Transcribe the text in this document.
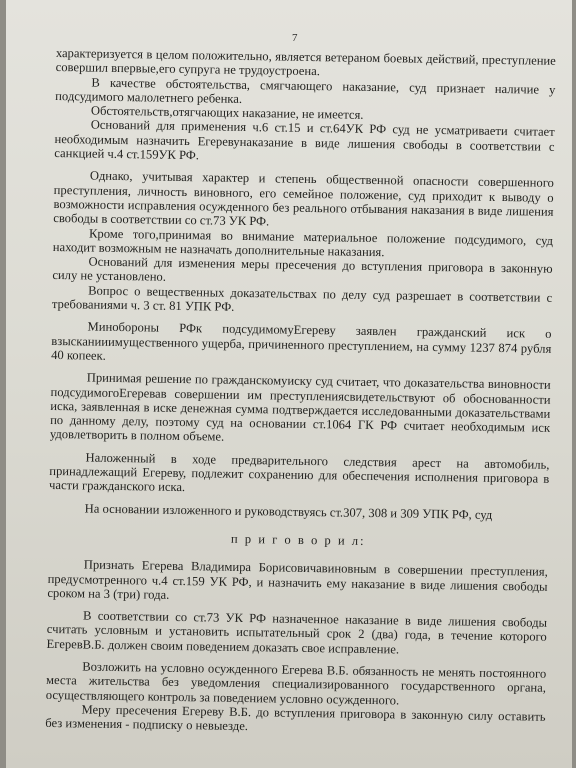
7

характеризуется в целом положительно, является ветераном боевых действий, преступление совершил впервые,его супруга не трудоустроена.

В качестве обстоятельства, смягчающего наказание, суд признает наличие у подсудимого малолетнего ребенка.

Обстоятельств,отягчающих наказание, не имеется.

Оснований для применения ч.6 ст.15 и ст.64УК РФ суд не усматриваети считает необходимым назначить Егеревунаказание в виде лишения свободы в соответствии с санкцией ч.4 ст.159УК РФ.

Однако, учитывая характер и степень общественной опасности совершенного преступления, личность виновного, его семейное положение, суд приходит к выводу о возможности исправления осужденного без реального отбывания наказания в виде лишения свободы в соответствии со ст.73 УК РФ.

Кроме того,принимая во внимание материальное положение подсудимого, суд находит возможным не назначать дополнительные наказания.

Оснований для изменения меры пресечения до вступления приговора в законную силу не установлено.

Вопрос о вещественных доказательствах по делу суд разрешает в соответствии с требованиями ч. 3 ст. 81 УПК РФ.

Минобороны РФк подсудимомуЕгереву заявлен гражданский иск о взысканииимущественного ущерба, причиненного преступлением, на сумму 1237 874 рубля 40 копеек.

Принимая решение по гражданскомуиску суд считает, что доказательства виновности подсудимогоЕгеревав совершении им преступлениясвидетельствуют об обоснованности иска, заявленная в иске денежная сумма подтверждается исследованными доказательствами по данному делу, поэтому суд на основании ст.1064 ГК РФ считает необходимым иск удовлетворить в полном объеме.

Наложенный в ходе предварительного следствия арест на автомобиль, принадлежащий Егереву, подлежит сохранению для обеспечения исполнения приговора в части гражданского иска.

На основании изложенного и руководствуясь ст.307, 308 и 309 УПК РФ, суд

п р и г о в о р и л:

Признать Егерева Владимира Борисовичавиновным в совершении преступления, предусмотренного ч.4 ст.159 УК РФ, и назначить ему наказание в виде лишения свободы сроком на 3 (три) года.

В соответствии со ст.73 УК РФ назначенное наказание в виде лишения свободы считать условным и установить испытательный срок 2 (два) года, в течение которого ЕгеревВ.Б. должен своим поведением доказать свое исправление.

Возложить на условно осужденного Егерева В.Б. обязанность не менять постоянного места жительства без уведомления специализированного государственного органа, осуществляющего контроль за поведением условно осужденного.

Меру пресечения Егереву В.Б. до вступления приговора в законную силу оставить без изменения - подписку о невыезде.
